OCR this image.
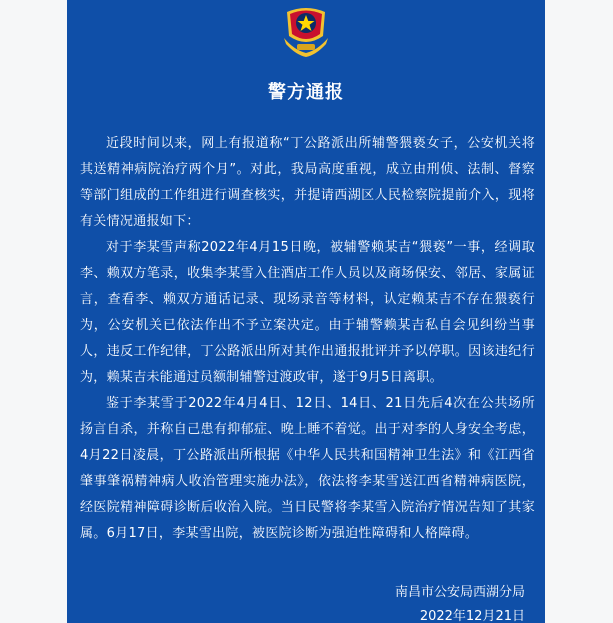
警方通报

近段时间以来，网上有报道称“丁公路派出所辅警猥亵女子，公安机关将其送精神病院治疗两个月”。对此，我局高度重视，成立由刑侦、法制、督察等部门组成的工作组进行调查核实，并提请西湖区人民检察院提前介入，现将有关情况通报如下：

对于李某雪声称2022年4月15日晚，被辅警赖某吉“猥亵”一事，经调取李、赖双方笔录，收集李某雪入住酒店工作人员以及商场保安、邻居、家属证言，查看李、赖双方通话记录、现场录音等材料，认定赖某吉不存在猥亵行为，公安机关已依法作出不予立案决定。由于辅警赖某吉私自会见纠纷当事人，违反工作纪律，丁公路派出所对其作出通报批评并予以停职。因该违纪行为，赖某吉未能通过员额制辅警过渡政审，遂于9月5日离职。

鉴于李某雪于2022年4月4日、12日、14日、21日先后4次在公共场所扬言自杀，并称自己患有抑郁症、晚上睡不着觉。出于对李的人身安全考虑，4月22日凌晨，丁公路派出所根据《中华人民共和国精神卫生法》和《江西省肇事肇祸精神病人收治管理实施办法》，依法将李某雪送江西省精神病医院，经医院精神障碍诊断后收治入院。当日民警将李某雪入院治疗情况告知了其家属。6月17日，李某雪出院，被医院诊断为强迫性障碍和人格障碍。

南昌市公安局西湖分局
2022年12月21日
